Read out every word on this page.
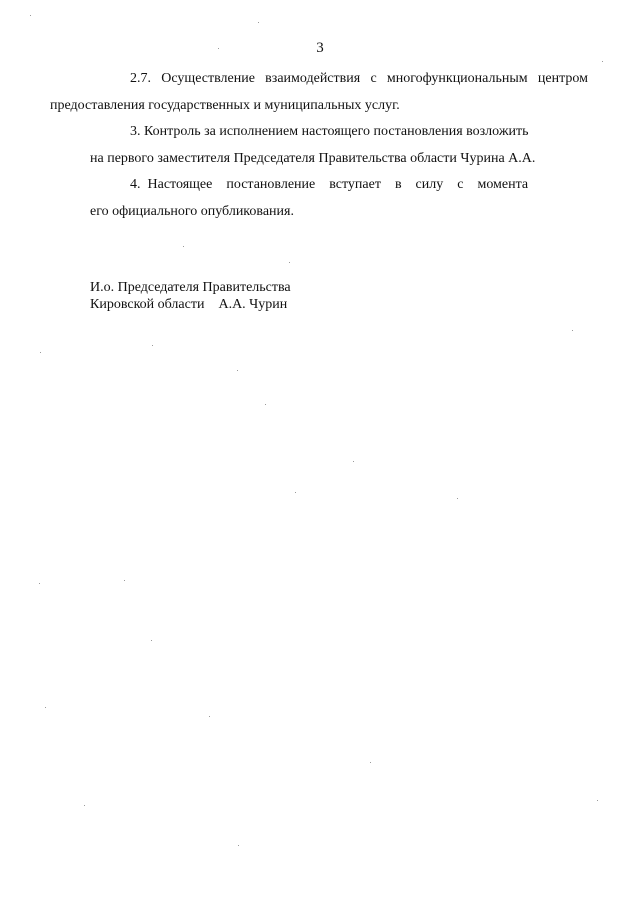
3

2.7. Осуществление взаимодействия с многофункциональным центром
предоставления государственных и муниципальных услуг.

3. Контроль за исполнением настоящего постановления возложить
на первого заместителя Председателя Правительства области Чурина А.А.

4.  Настоящее    постановление    вступает    в    силу    с    момента
его официального опубликования.

И.о. Председателя Правительства
Кировской области    А.А. Чурин
